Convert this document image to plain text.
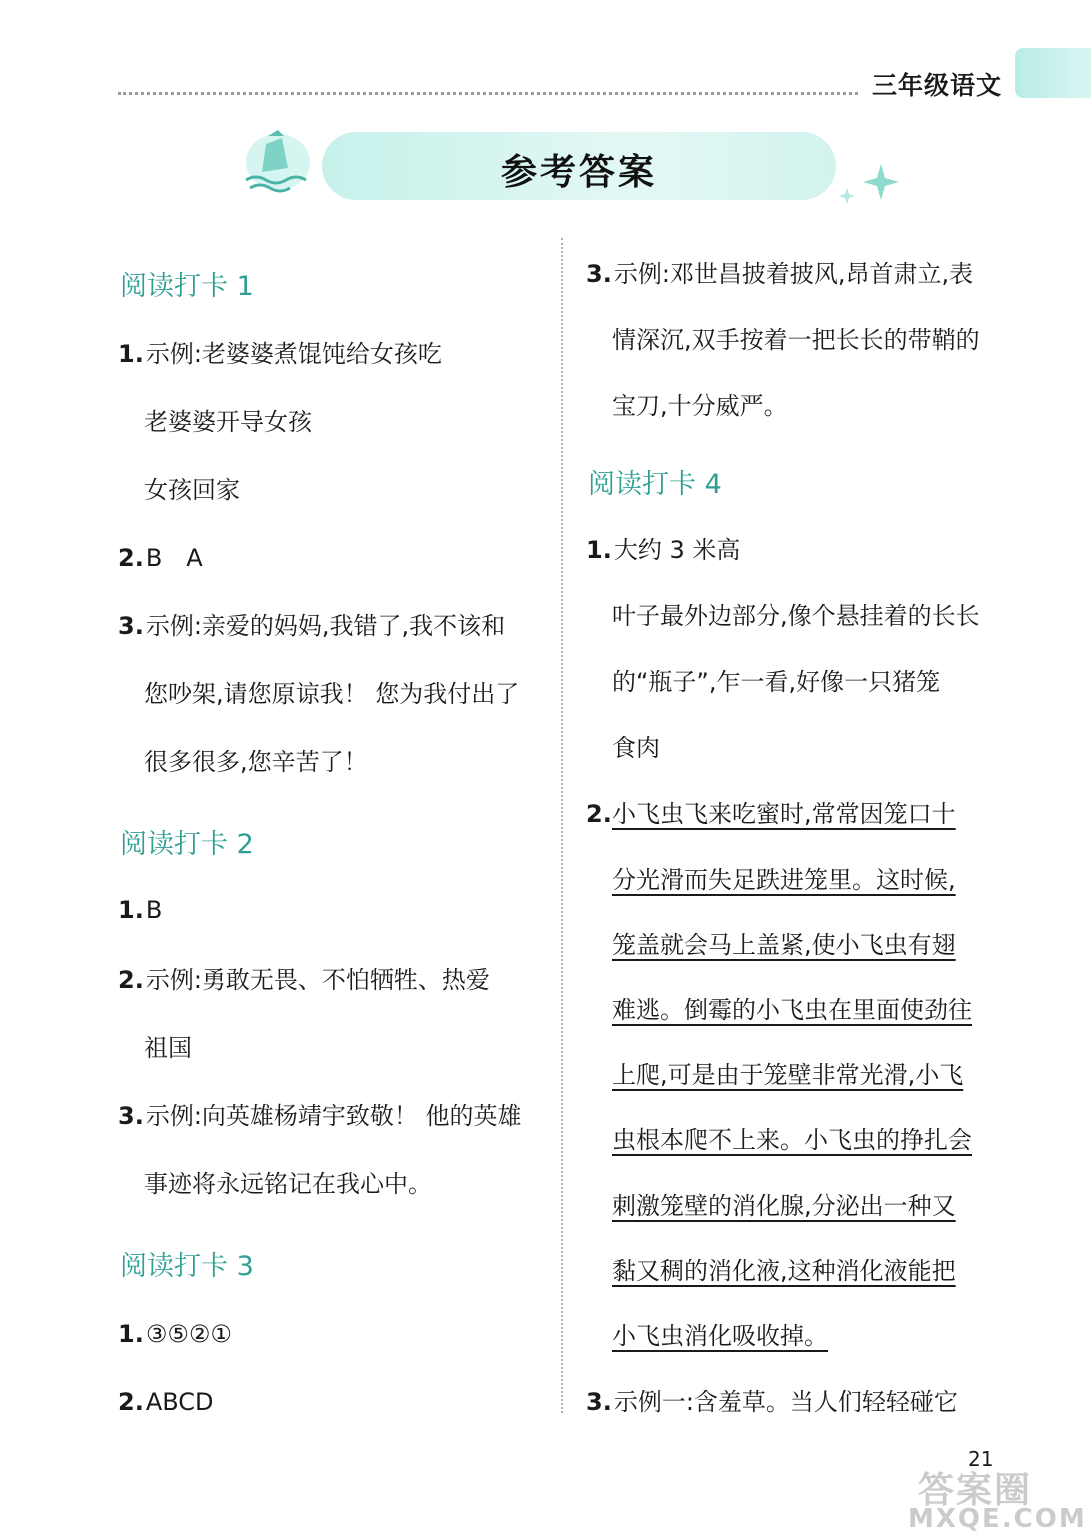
三年级语文
参考答案
阅读打卡 1
1.示例:老婆婆煮馄饨给女孩吃
老婆婆开导女孩
女孩回家
2.B　A
3.示例:亲爱的妈妈,我错了,我不该和
您吵架,请您原谅我！ 您为我付出了
很多很多,您辛苦了！
阅读打卡 2
1.B
2.示例:勇敢无畏、不怕牺牲、热爱
祖国
3.示例:向英雄杨靖宇致敬！ 他的英雄
事迹将永远铭记在我心中。
阅读打卡 3
1.③⑤②①
2.ABCD
3.示例:邓世昌披着披风,昂首肃立,表
情深沉,双手按着一把长长的带鞘的
宝刀,十分威严。
阅读打卡 4
1.大约 3 米高
叶子最外边部分,像个悬挂着的长长
的“瓶子”,乍一看,好像一只猪笼
食肉
2. 小飞虫飞来吃蜜时,常常因笼口十
分光滑而失足跌进笼里。这时候,
笼盖就会马上盖紧,使小飞虫有翅
难逃。倒霉的小飞虫在里面使劲往
上爬,可是由于笼壁非常光滑,小飞
虫根本爬不上来。小飞虫的挣扎会
刺激笼壁的消化腺,分泌出一种又
黏又稠的消化液,这种消化液能把
小飞虫消化吸收掉。
3.示例一:含羞草。当人们轻轻碰它
21
答案圈
MXQE.COM
